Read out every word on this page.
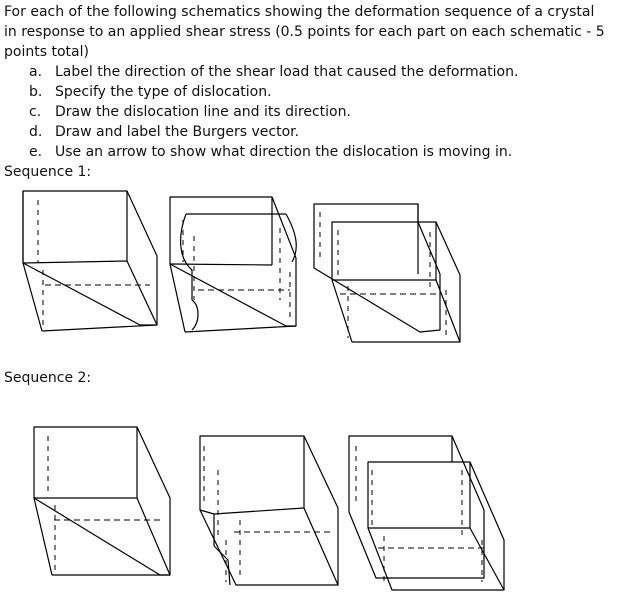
For each of the following schematics showing the deformation sequence of a crystal in response to an applied shear stress (0.5 points for each part on each schematic - 5 points total)

a. Label the direction of the shear load that caused the deformation.
b. Specify the type of dislocation.
c. Draw the dislocation line and its direction.
d. Draw and label the Burgers vector.
e. Use an arrow to show what direction the dislocation is moving in.
Sequence 1:
Sequence 2:
